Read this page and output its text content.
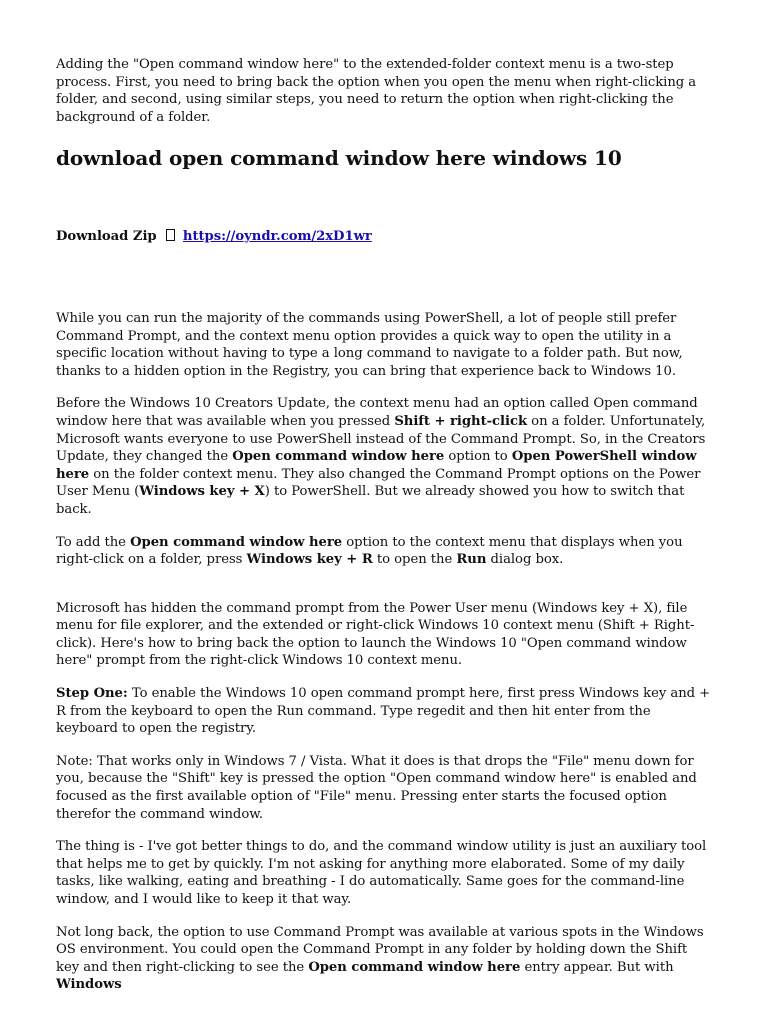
Adding the "Open command window here" to the extended-folder context menu is a two-step process. First, you need to bring back the option when you open the menu when right-clicking a folder, and second, using similar steps, you need to return the option when right-clicking the background of a folder.

download open command window here windows 10

Download Zip https://oyndr.com/2xD1wr

While you can run the majority of the commands using PowerShell, a lot of people still prefer Command Prompt, and the context menu option provides a quick way to open the utility in a specific location without having to type a long command to navigate to a folder path. But now, thanks to a hidden option in the Registry, you can bring that experience back to Windows 10.

Before the Windows 10 Creators Update, the context menu had an option called Open command window here that was available when you pressed Shift + right-click on a folder. Unfortunately, Microsoft wants everyone to use PowerShell instead of the Command Prompt. So, in the Creators Update, they changed the Open command window here option to Open PowerShell window here on the folder context menu. They also changed the Command Prompt options on the Power User Menu (Windows key + X) to PowerShell. But we already showed you how to switch that back.

To add the Open command window here option to the context menu that displays when you right-click on a folder, press Windows key + R to open the Run dialog box.

Microsoft has hidden the command prompt from the Power User menu (Windows key + X), file menu for file explorer, and the extended or right-click Windows 10 context menu (Shift + Right-click). Here's how to bring back the option to launch the Windows 10 "Open command window here" prompt from the right-click Windows 10 context menu.

Step One: To enable the Windows 10 open command prompt here, first press Windows key and + R from the keyboard to open the Run command. Type regedit and then hit enter from the keyboard to open the registry.

Note: That works only in Windows 7 / Vista. What it does is that drops the "File" menu down for you, because the "Shift" key is pressed the option "Open command window here" is enabled and focused as the first available option of "File" menu. Pressing enter starts the focused option therefor the command window.

The thing is - I've got better things to do, and the command window utility is just an auxiliary tool that helps me to get by quickly. I'm not asking for anything more elaborated. Some of my daily tasks, like walking, eating and breathing - I do automatically. Same goes for the command-line window, and I would like to keep it that way.

Not long back, the option to use Command Prompt was available at various spots in the Windows OS environment. You could open the Command Prompt in any folder by holding down the Shift key and then right-clicking to see the Open command window here entry appear. But with Windows
